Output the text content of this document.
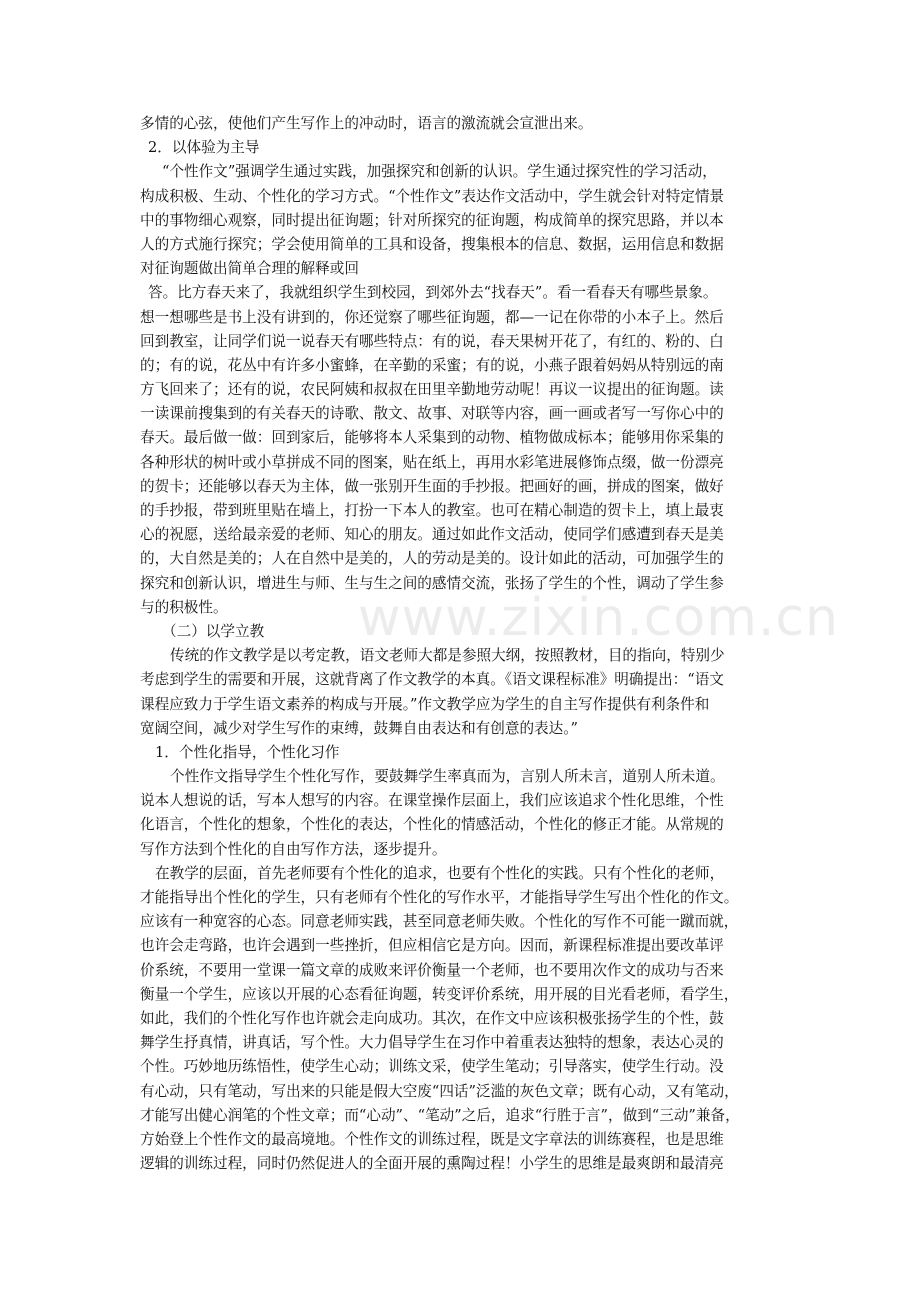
www.zixin.com.cn
多情的心弦，使他们产生写作上的冲动时，语言的激流就会宣泄出来。
2．以体验为主导
“个性作文”强调学生通过实践，加强探究和创新的认识。学生通过探究性的学习活动，
构成积极、生动、个性化的学习方式。“个性作文”表达作文活动中，学生就会针对特定情景
中的事物细心观察，同时提出征询题；针对所探究的征询题，构成简单的探究思路，并以本
人的方式施行探究；学会使用简单的工具和设备，搜集根本的信息、数据，运用信息和数据
对征询题做出简单合理的解释或回
答。比方春天来了，我就组织学生到校园，到郊外去“找春天”。看一看春天有哪些景象。
想一想哪些是书上没有讲到的，你还觉察了哪些征询题，都—一记在你带的小本子上。然后
回到教室，让同学们说一说春天有哪些特点：有的说，春天果树开花了，有红的、粉的、白
的；有的说，花丛中有许多小蜜蜂，在辛勤的采蜜；有的说，小燕子跟着妈妈从特别远的南
方飞回来了；还有的说，农民阿姨和叔叔在田里辛勤地劳动呢！再议一议提出的征询题。读
一读课前搜集到的有关春天的诗歌、散文、故事、对联等内容，画一画或者写一写你心中的
春天。最后做一做：回到家后，能够将本人采集到的动物、植物做成标本；能够用你采集的
各种形状的树叶或小草拼成不同的图案，贴在纸上，再用水彩笔进展修饰点缀，做一份漂亮
的贺卡；还能够以春天为主体，做一张别开生面的手抄报。把画好的画，拼成的图案，做好
的手抄报，带到班里贴在墙上，打扮一下本人的教室。也可在精心制造的贺卡上，填上最衷
心的祝愿，送给最亲爱的老师、知心的朋友。通过如此作文活动，使同学们感遭到春天是美
的，大自然是美的；人在自然中是美的，人的劳动是美的。设计如此的活动，可加强学生的
探究和创新认识，增进生与师、生与生之间的感情交流，张扬了学生的个性，调动了学生参
与的积极性。
（二）以学立教
传统的作文教学是以考定教，语文老师大都是参照大纲，按照教材，目的指向，特别少
考虑到学生的需要和开展，这就背离了作文教学的本真。《语文课程标准》明确提出：“语文
课程应致力于学生语文素养的构成与开展。”作文教学应为学生的自主写作提供有利条件和
宽阔空间，减少对学生写作的束缚，鼓舞自由表达和有创意的表达。”
1．个性化指导，个性化习作
个性作文指导学生个性化写作，要鼓舞学生率真而为，言别人所未言，道别人所未道。
说本人想说的话，写本人想写的内容。在课堂操作层面上，我们应该追求个性化思维，个性
化语言，个性化的想象，个性化的表达，个性化的情感活动，个性化的修正才能。从常规的
写作方法到个性化的自由写作方法，逐步提升。
在教学的层面，首先老师要有个性化的追求，也要有个性化的实践。只有个性化的老师，
才能指导出个性化的学生，只有老师有个性化的写作水平，才能指导学生写出个性化的作文。
应该有一种宽容的心态。同意老师实践，甚至同意老师失败。个性化的写作不可能一蹴而就，
也许会走弯路，也许会遇到一些挫折，但应相信它是方向。因而，新课程标准提出要改革评
价系统，不要用一堂课一篇文章的成败来评价衡量一个老师，也不要用次作文的成功与否来
衡量一个学生，应该以开展的心态看征询题，转变评价系统，用开展的目光看老师，看学生，
如此，我们的个性化写作也许就会走向成功。其次，在作文中应该积极张扬学生的个性，鼓
舞学生抒真情，讲真话，写个性。大力倡导学生在习作中着重表达独特的想象，表达心灵的
个性。巧妙地历练悟性，使学生心动；训练文采，使学生笔动；引导落实，使学生行动。没
有心动，只有笔动，写出来的只能是假大空废“四话”泛滥的灰色文章；既有心动，又有笔动，
才能写出健心润笔的个性文章；而“心动”、“笔动”之后，追求“行胜于言”，做到“三动”兼备，
方始登上个性作文的最高境地。个性作文的训练过程，既是文字章法的训练赛程，也是思维
逻辑的训练过程，同时仍然促进人的全面开展的熏陶过程！小学生的思维是最爽朗和最清亮
